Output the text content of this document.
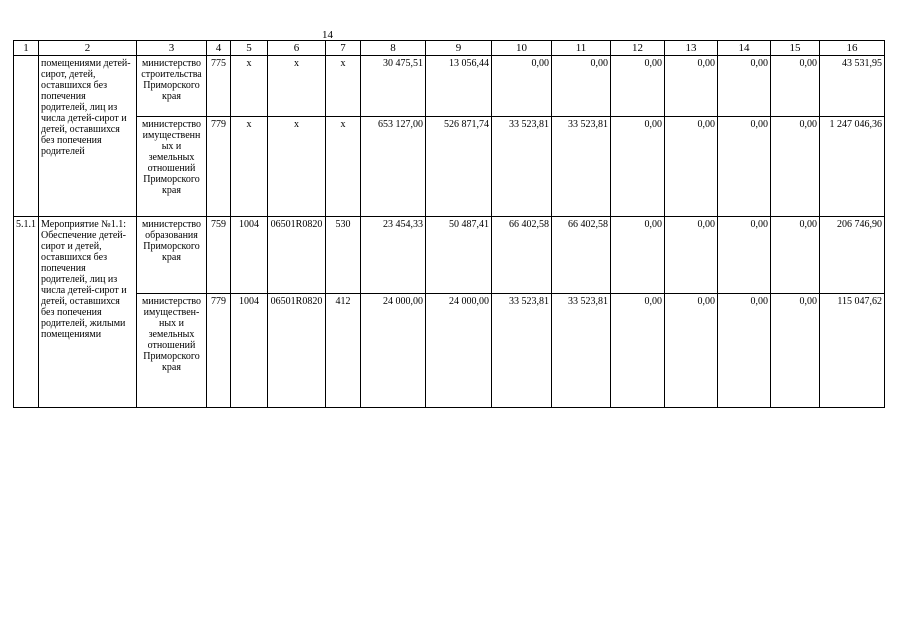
14
1	2	3	4	5	6	7	8	9	10	11	12	13	14	15	16
	помещениями детей-сирот, детей, оставшихся без попечения родителей, лиц из числа детей-сирот и детей, оставшихся без попечения родителей	министерство строительства Приморского края	775	x	x	x	30 475,51	13 056,44	0,00	0,00	0,00	0,00	0,00	0,00	43 531,95
		министерство имущественн ых и земельных отношений Приморского края	779	x	x	x	653 127,00	526 871,74	33 523,81	33 523,81	0,00	0,00	0,00	0,00	1 247 046,36
5.1.1	Мероприятие №1.1: Обеспечение детей-сирот и детей, оставшихся без попечения родителей, лиц из числа детей-сирот и детей, оставшихся без попечения родителей, жилыми помещениями	министерство образования Приморского края	759	1004	06501R0820	530	23 454,33	50 487,41	66 402,58	66 402,58	0,00	0,00	0,00	0,00	206 746,90
		министерство имуществен- ных и земельных отношений Приморского края	779	1004	06501R0820	412	24 000,00	24 000,00	33 523,81	33 523,81	0,00	0,00	0,00	0,00	115 047,62
